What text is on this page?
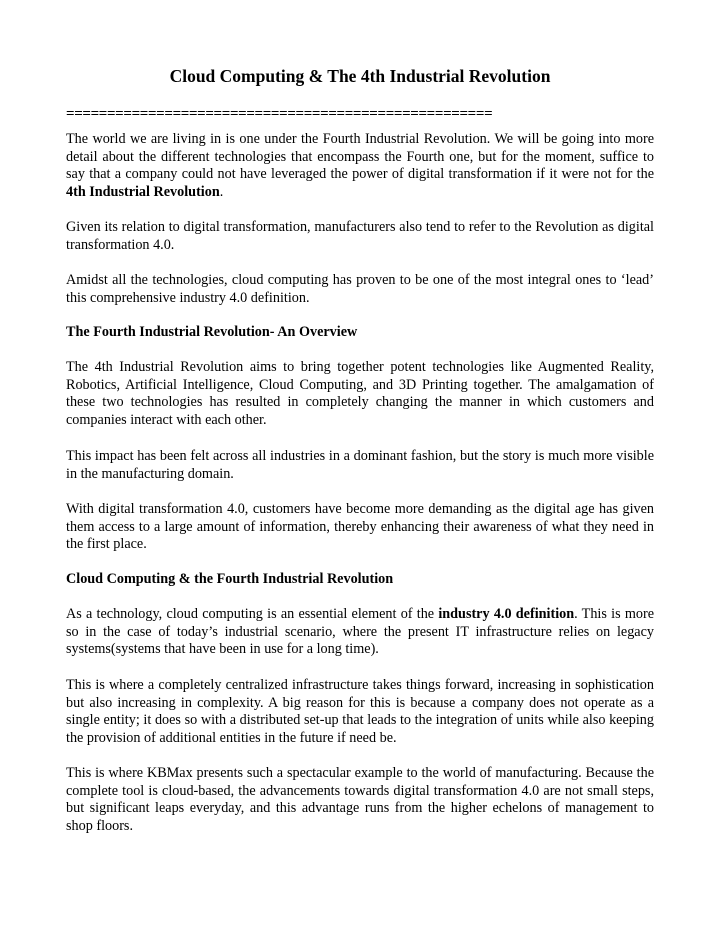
Cloud Computing & The 4th Industrial Revolution
====================================================

The world we are living in is one under the Fourth Industrial Revolution. We will be going into more detail about the different technologies that encompass the Fourth one, but for the moment, suffice to say that a company could not have leveraged the power of digital transformation if it were not for the 4th Industrial Revolution.

Given its relation to digital transformation, manufacturers also tend to refer to the Revolution as digital transformation 4.0.

Amidst all the technologies, cloud computing has proven to be one of the most integral ones to ‘lead’ this comprehensive industry 4.0 definition.

The Fourth Industrial Revolution- An Overview

The 4th Industrial Revolution aims to bring together potent technologies like Augmented Reality, Robotics, Artificial Intelligence, Cloud Computing, and 3D Printing together. The amalgamation of these two technologies has resulted in completely changing the manner in which customers and companies interact with each other.

This impact has been felt across all industries in a dominant fashion, but the story is much more visible in the manufacturing domain.

With digital transformation 4.0, customers have become more demanding as the digital age has given them access to a large amount of information, thereby enhancing their awareness of what they need in the first place.

Cloud Computing & the Fourth Industrial Revolution

As a technology, cloud computing is an essential element of the industry 4.0 definition. This is more so in the case of today’s industrial scenario, where the present IT infrastructure relies on legacy systems(systems that have been in use for a long time).

This is where a completely centralized infrastructure takes things forward, increasing in sophistication but also increasing in complexity. A big reason for this is because a company does not operate as a single entity; it does so with a distributed set-up that leads to the integration of units while also keeping the provision of additional entities in the future if need be.

This is where KBMax presents such a spectacular example to the world of manufacturing. Because the complete tool is cloud-based, the advancements towards digital transformation 4.0 are not small steps, but significant leaps everyday, and this advantage runs from the higher echelons of management to shop floors.
